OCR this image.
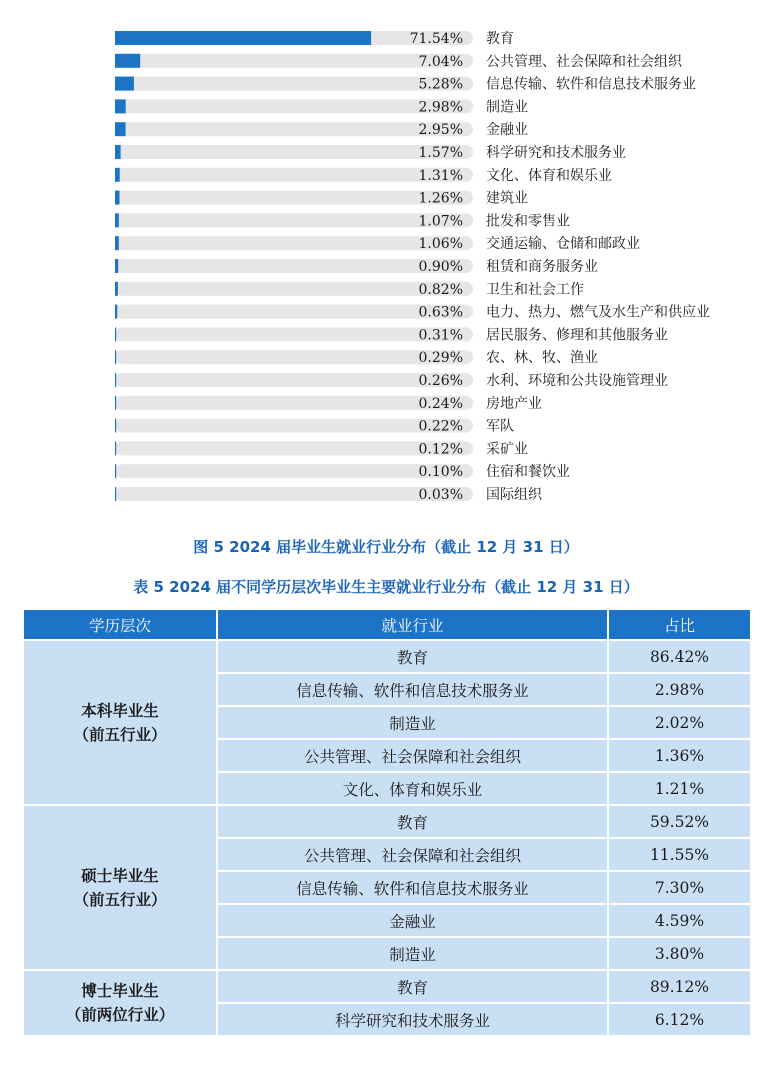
71.54% 教育
7.04% 公共管理、社会保障和社会组织
5.28% 信息传输、软件和信息技术服务业
2.98% 制造业
2.95% 金融业
1.57% 科学研究和技术服务业
1.31% 文化、体育和娱乐业
1.26% 建筑业
1.07% 批发和零售业
1.06% 交通运输、仓储和邮政业
0.90% 租赁和商务服务业
0.82% 卫生和社会工作
0.63% 电力、热力、燃气及水生产和供应业
0.31% 居民服务、修理和其他服务业
0.29% 农、林、牧、渔业
0.26% 水利、环境和公共设施管理业
0.24% 房地产业
0.22% 军队
0.12% 采矿业
0.10% 住宿和餐饮业
0.03% 国际组织
图 5 2024 届毕业生就业行业分布（截止 12 月 31 日）
表 5 2024 届不同学历层次毕业生主要就业行业分布（截止 12 月 31 日）
学历层次	就业行业	占比

本科毕业生
（前五行业）	教育	86.42%
	信息传输、软件和信息技术服务业	2.98%
	制造业	2.02%
	公共管理、社会保障和社会组织	1.36%
	文化、体育和娱乐业	1.21%

硕士毕业生
（前五行业）	教育	59.52%
	公共管理、社会保障和社会组织	11.55%
	信息传输、软件和信息技术服务业	7.30%
	金融业	4.59%
	制造业	3.80%

博士毕业生
（前两位行业）	教育	89.12%
	科学研究和技术服务业	6.12%
